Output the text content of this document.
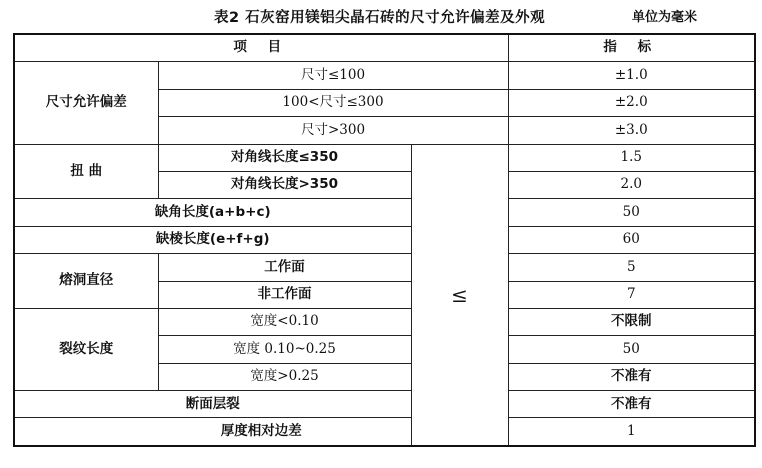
表2 石灰窑用镁铝尖晶石砖的尺寸允许偏差及外观	单位为毫米
项 目			指 标
尺寸允许偏差	尺寸≤100		±1.0
	100<尺寸≤300		±2.0
	尺寸>300		±3.0
扭 曲	对角线长度≤350	≤	1.5
	对角线长度>350		2.0
缺角长度(a+b+c)			50
缺棱长度(e+f+g)			60
熔洞直径	工作面		5
	非工作面		7
裂纹长度	宽度<0.10		不限制
	宽度 0.10~0.25		50
	宽度>0.25		不准有
断面层裂			不准有
厚度相对边差			1
